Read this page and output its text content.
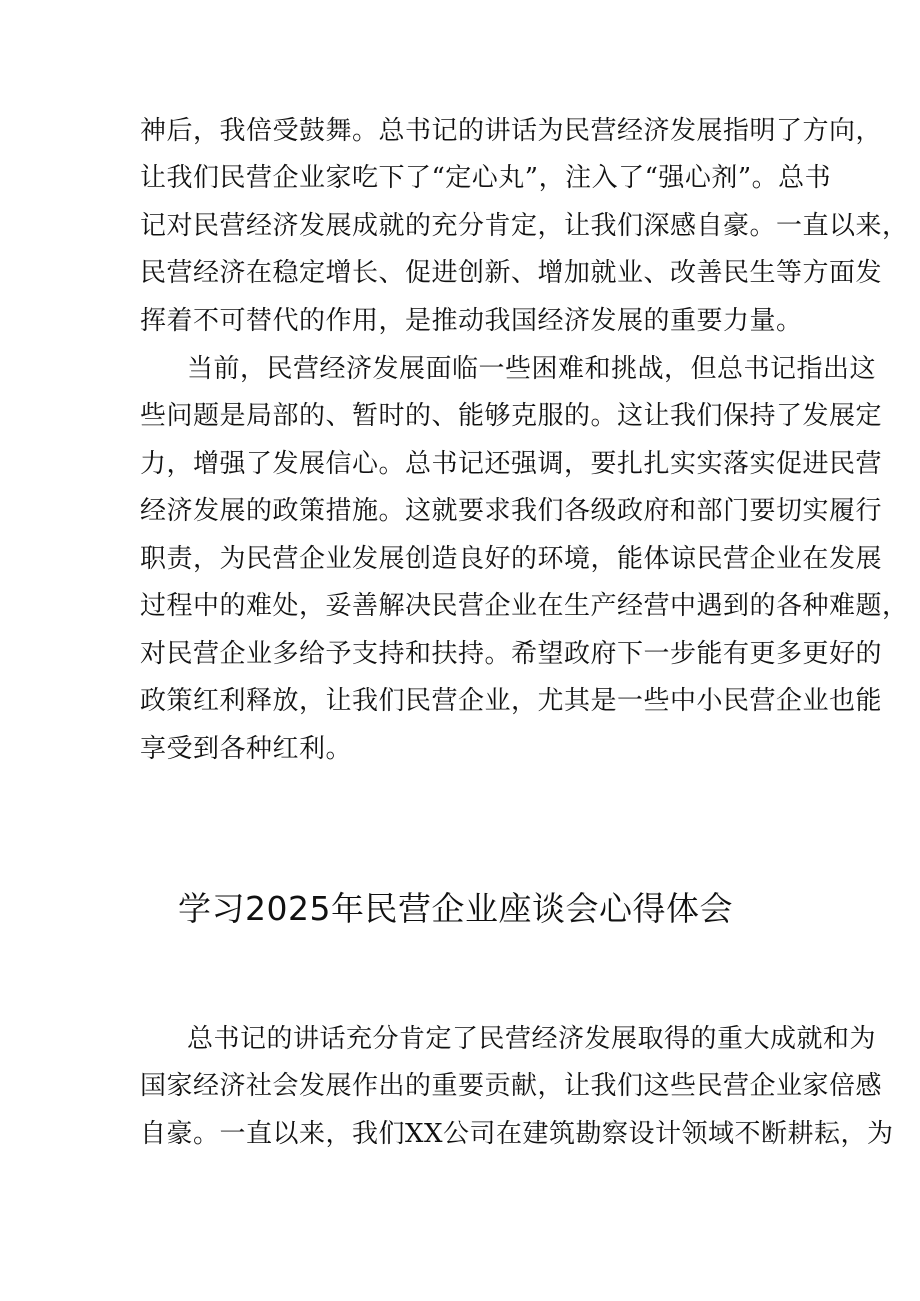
神后，我倍受鼓舞。总书记的讲话为民营经济发展指明了方向，

让我们民营企业家吃下了“定心丸”，注入了“强心剂”。总书

记对民营经济发展成就的充分肯定，让我们深感自豪。一直以来，

民营经济在稳定增长、促进创新、增加就业、改善民生等方面发

挥着不可替代的作用，是推动我国经济发展的重要力量。

当前，民营经济发展面临一些困难和挑战，但总书记指出这

些问题是局部的、暂时的、能够克服的。这让我们保持了发展定

力，增强了发展信心。总书记还强调，要扎扎实实落实促进民营

经济发展的政策措施。这就要求我们各级政府和部门要切实履行

职责，为民营企业发展创造良好的环境，能体谅民营企业在发展

过程中的难处，妥善解决民营企业在生产经营中遇到的各种难题，

对民营企业多给予支持和扶持。希望政府下一步能有更多更好的

政策红利释放，让我们民营企业，尤其是一些中小民营企业也能

享受到各种红利。

学习2025年民营企业座谈会心得体会

总书记的讲话充分肯定了民营经济发展取得的重大成就和为

国家经济社会发展作出的重要贡献，让我们这些民营企业家倍感

自豪。一直以来，我们XX公司在建筑勘察设计领域不断耕耘，为
